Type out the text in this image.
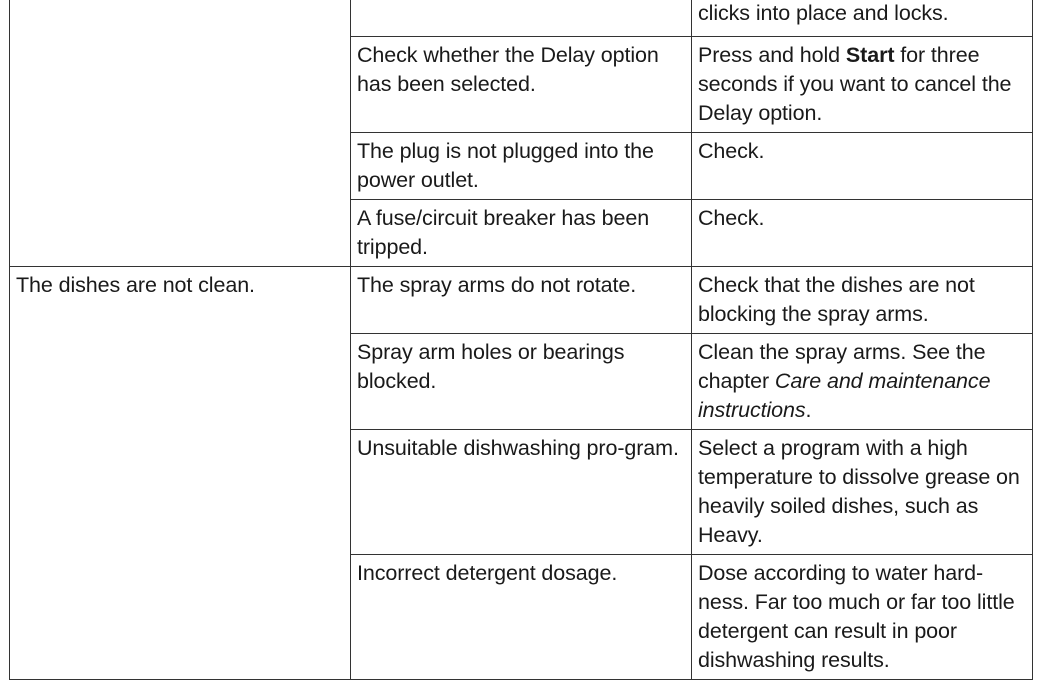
		clicks into place and locks.
	Check whether the Delay option has been selected.	Press and hold Start for three seconds if you want to cancel the Delay option.
	The plug is not plugged into the power outlet.	Check.
	A fuse/circuit breaker has been tripped.	Check.
The dishes are not clean.	The spray arms do not rotate.	Check that the dishes are not blocking the spray arms.
	Spray arm holes or bearings blocked.	Clean the spray arms. See the chapter Care and maintenance instructions.
	Unsuitable dishwashing pro-gram.	Select a program with a high temperature to dissolve grease on heavily soiled dishes, such as Heavy.
	Incorrect detergent dosage.	Dose according to water hard-ness. Far too much or far too little detergent can result in poor dishwashing results.
